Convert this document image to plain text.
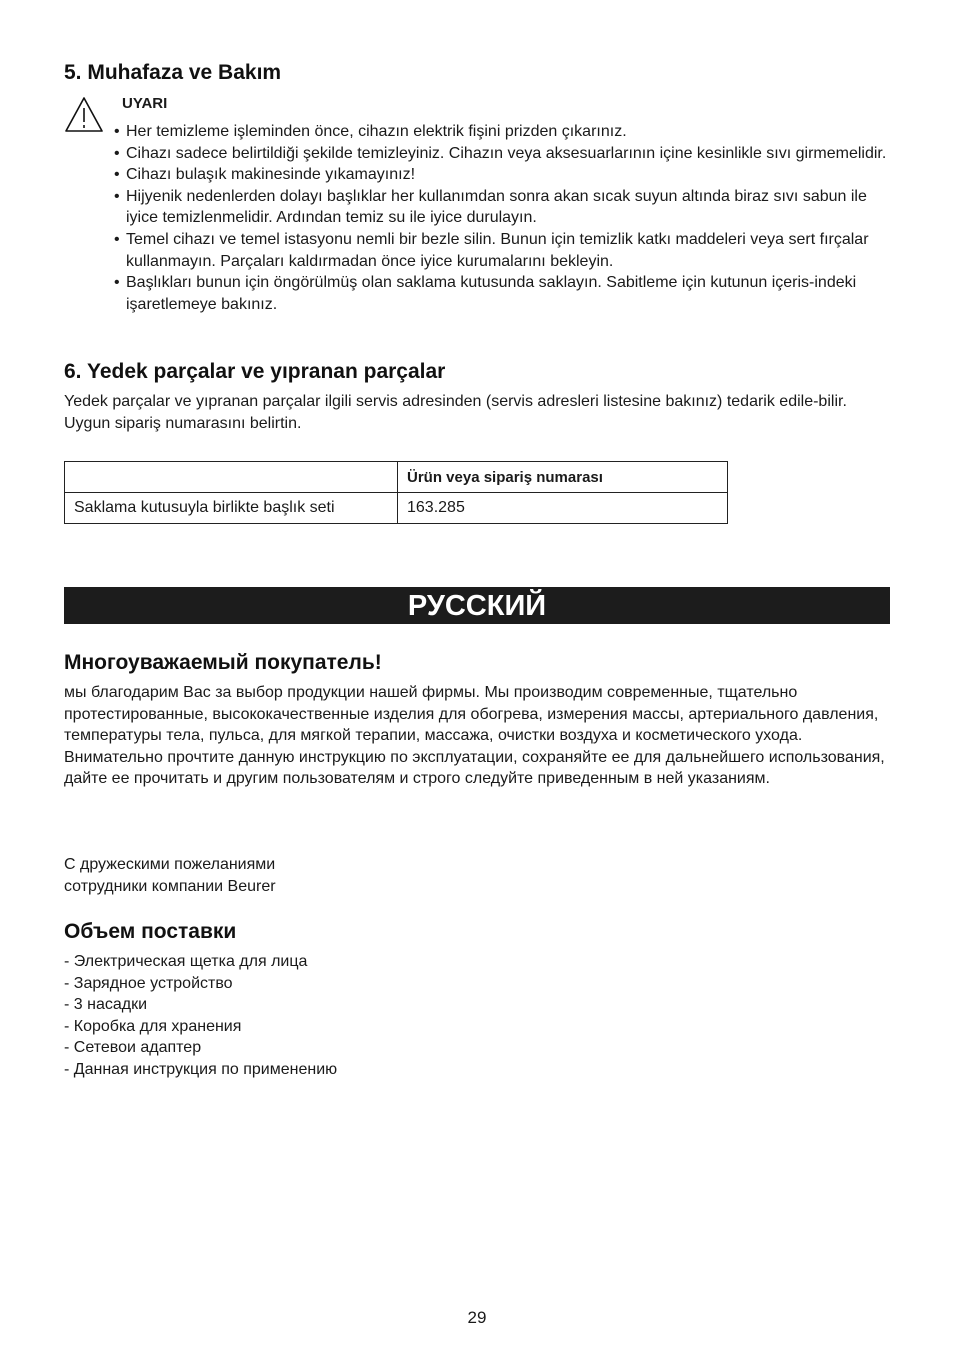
5. Muhafaza ve Bakım
UYARI
• Her temizleme işleminden önce, cihazın elektrik fişini prizden çıkarınız.
• Cihazı sadece belirtildiği şekilde temizleyiniz. Cihazın veya aksesuarlarının içine kesinlikle sıvı girmemelidir.
• Cihazı bulaşık makinesinde yıkamayınız!
• Hijyenik nedenlerden dolayı başlıklar her kullanımdan sonra akan sıcak suyun altında biraz sıvı sabun ile iyice temizlenmelidir. Ardından temiz su ile iyice durulayın.
• Temel cihazı ve temel istasyonu nemli bir bezle silin. Bunun için temizlik katkı maddeleri veya sert fırçalar kullanmayın. Parçaları kaldırmadan önce iyice kurumalarını bekleyin.
• Başlıkları bunun için öngörülmüş olan saklama kutusunda saklayın. Sabitleme için kutunun içeris-indeki işaretlemeye bakınız.
6. Yedek parçalar ve yıpranan parçalar

Yedek parçalar ve yıpranan parçalar ilgili servis adresinden (servis adresleri listesine bakınız) tedarik edile-bilir. Uygun sipariş numarasını belirtin.

	Ürün veya sipariş numarası
Saklama kutusuyla birlikte başlık seti	163.285
РУССКИЙ
Многоуважаемый покупатель!

мы благодарим Вас за выбор продукции нашей фирмы. Мы производим современные, тщательно протестированные, высококачественные изделия для обогрева, измерения массы, артериального давления, температуры тела, пульса, для мягкой терапии, массажа, очистки воздуха и косметического ухода.

Внимательно прочтите данную инструкцию по эксплуатации, сохраняйте ее для дальнейшего использования, дайте ее прочитать и другим пользователям и строго следуйте приведенным в ней указаниям.

С дружескими пожеланиями

сотрудники компании Beurer

Объем поставки
- Электрическая щетка для лица
- Зарядное устройство
- 3 насадки
- Коробка для хранения
- Сетевои адаптер
- Данная инструкция по применению
29
